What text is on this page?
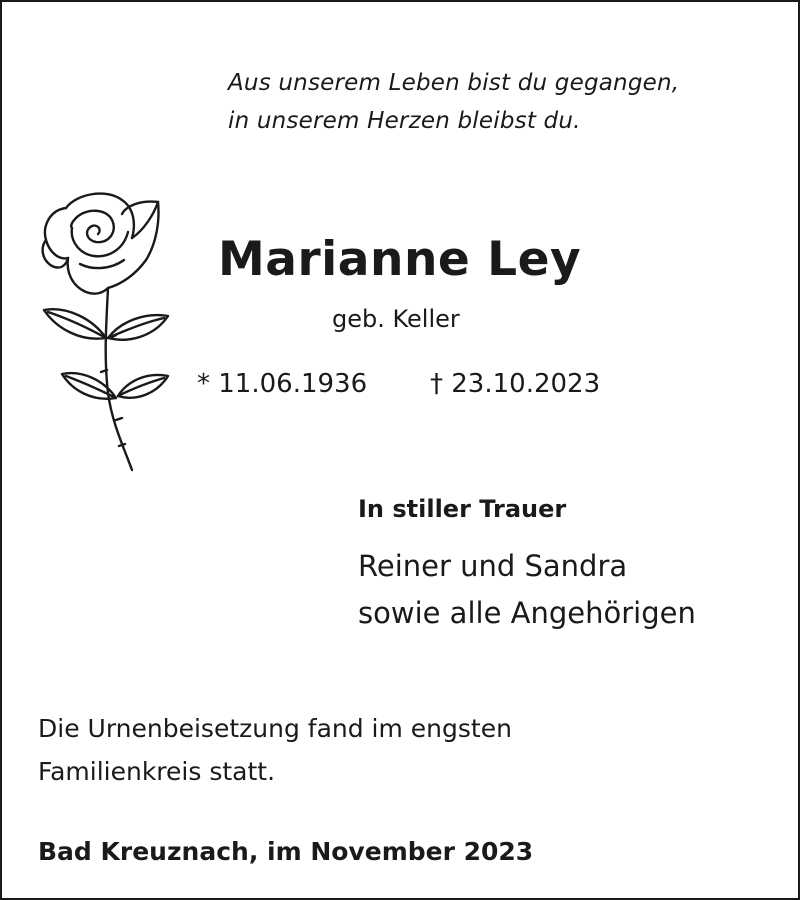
Aus unserem Leben bist du gegangen,
in unserem Herzen bleibst du.
Marianne Ley
geb. Keller
* 11.06.1936 † 23.10.2023
In stiller Trauer
Reiner und Sandra
sowie alle Angehörigen
Die Urnenbeisetzung fand im engsten
Familienkreis statt.
Bad Kreuznach, im November 2023
